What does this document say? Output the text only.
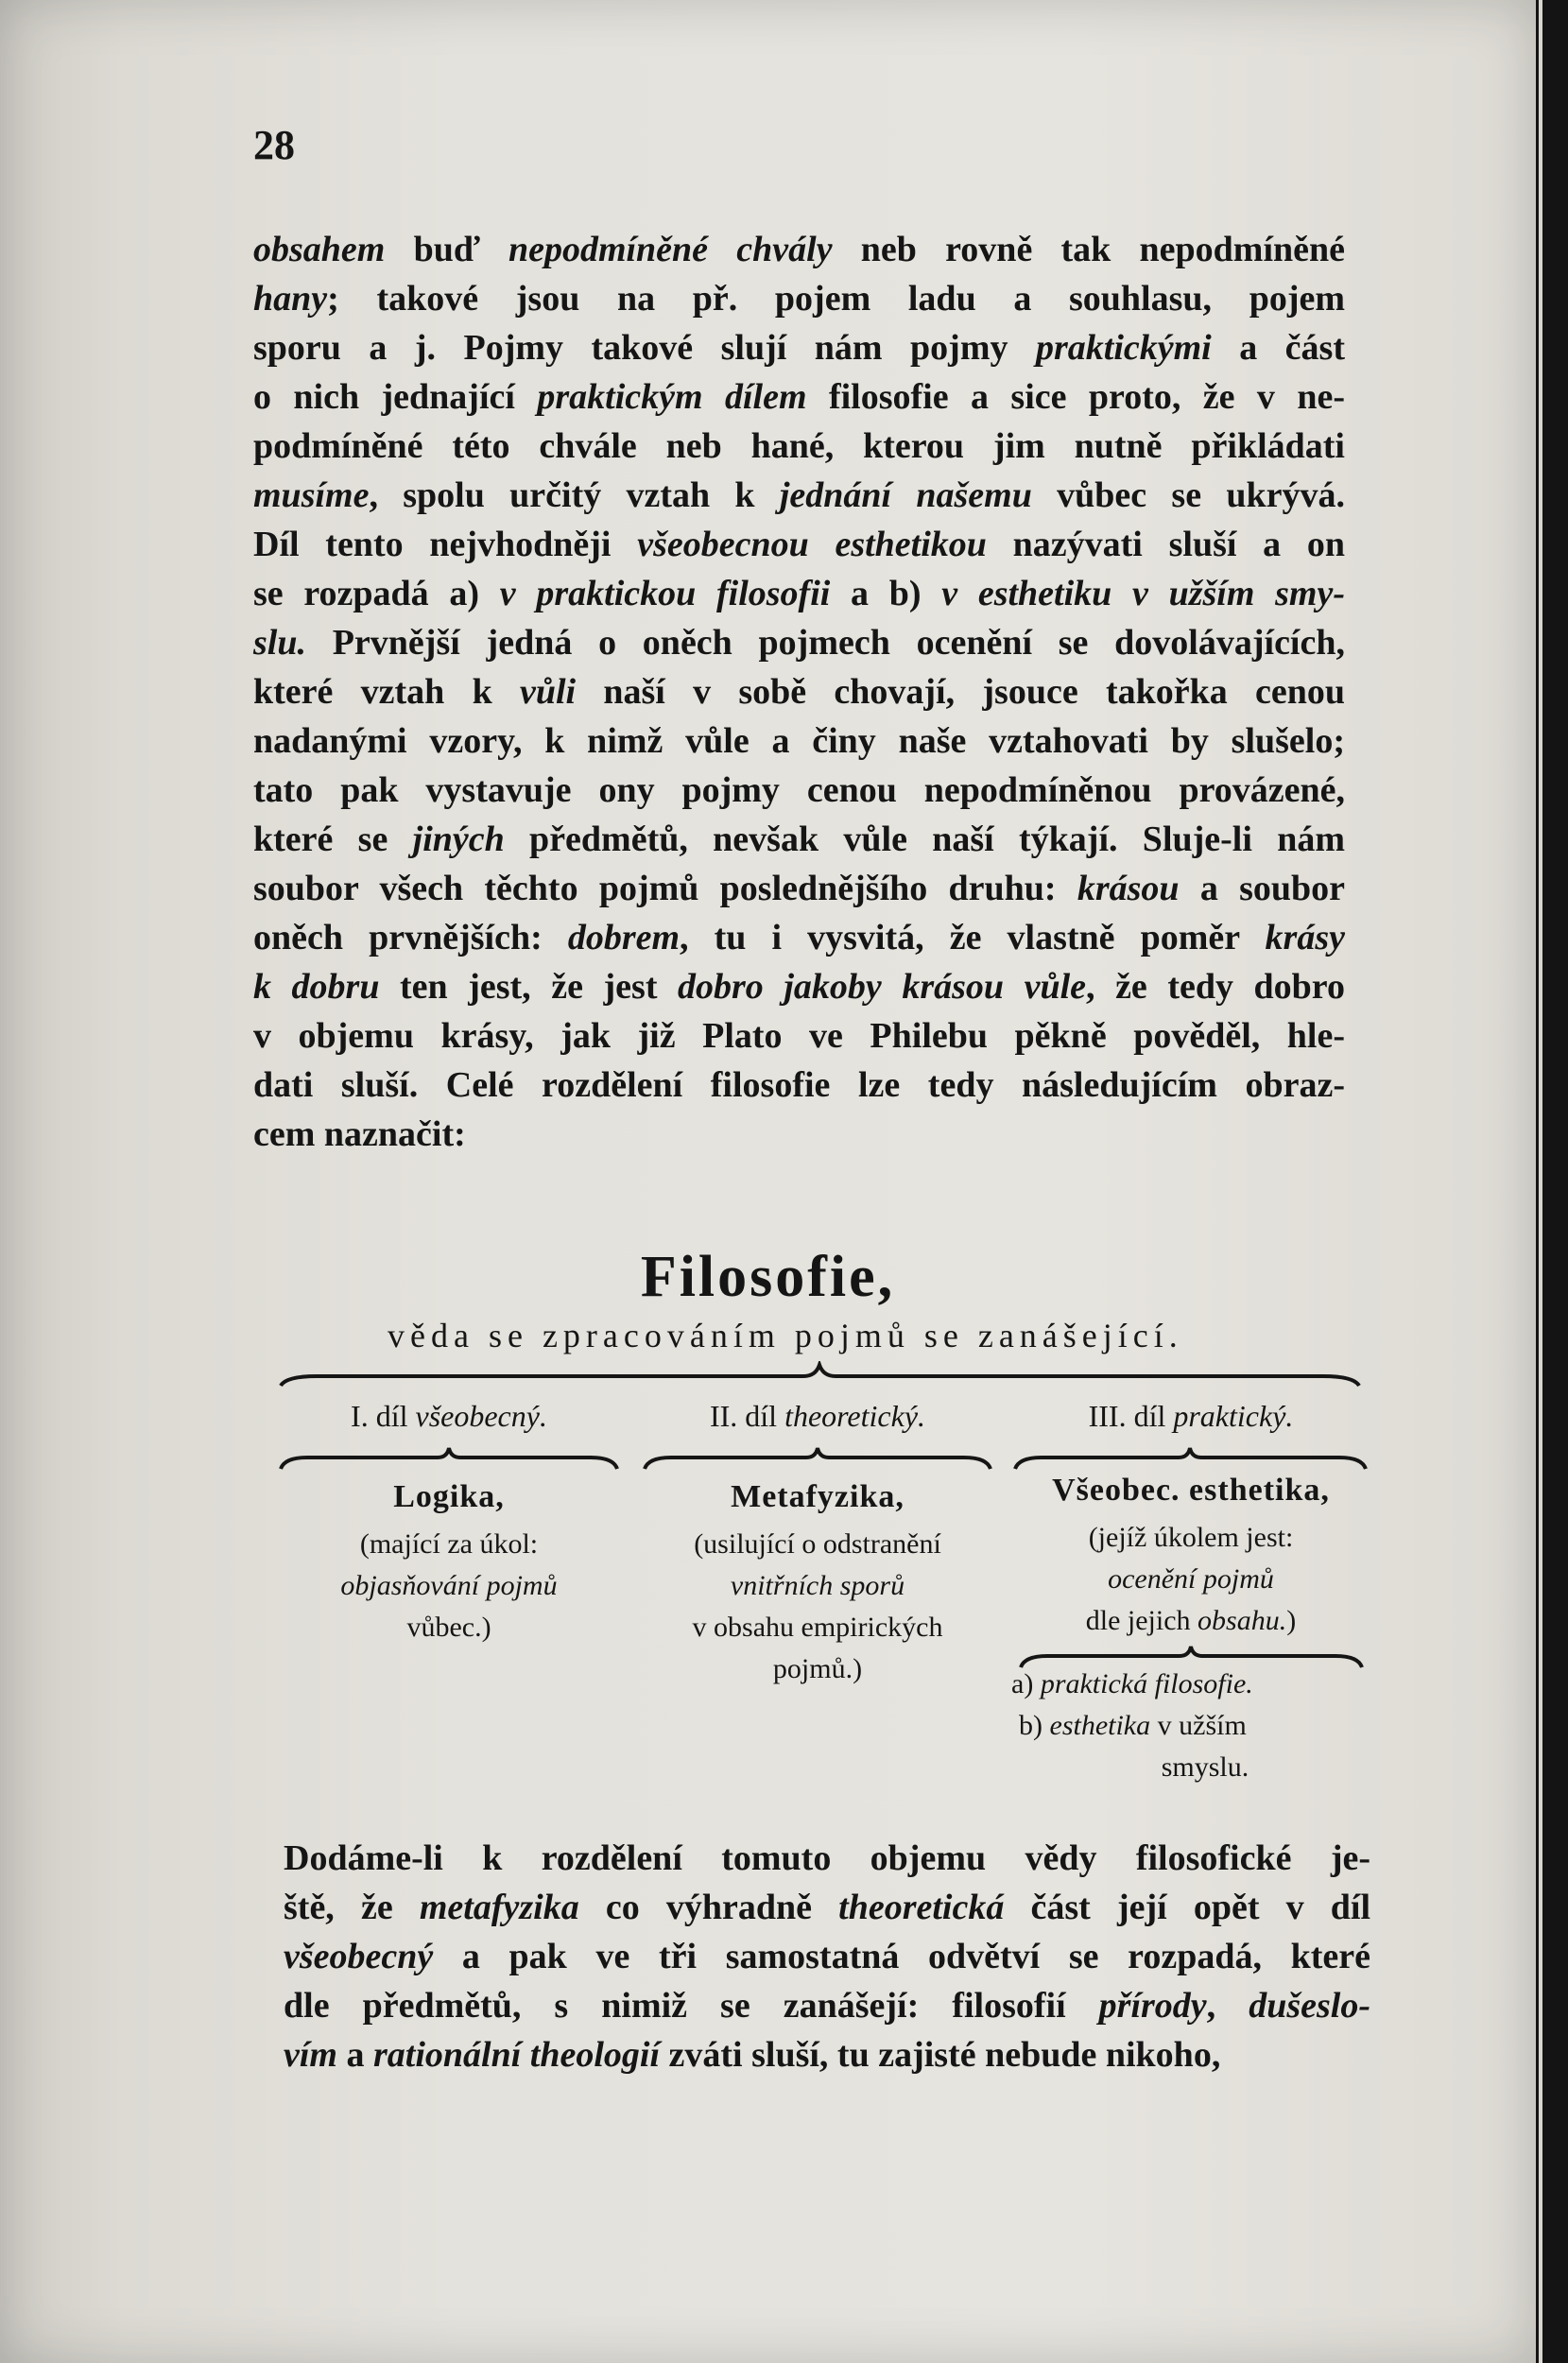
28
obsahem buď nepodmíněné chvály neb rovně tak nepodmíněné
hany; takové jsou na př. pojem ladu a souhlasu, pojem
sporu a j. Pojmy takové slují nám pojmy praktickými a část
o nich jednající praktickým dílem filosofie a sice proto, že v ne-
podmíněné této chvále neb hané, kterou jim nutně přikládati
musíme, spolu určitý vztah k jednání našemu vůbec se ukrývá.
Díl tento nejvhodněji všeobecnou esthetikou nazývati sluší a on
se rozpadá a) v praktickou filosofii a b) v esthetiku v užším smy-
slu. Prvnější jedná o oněch pojmech ocenění se dovolávajících,
které vztah k vůli naší v sobě chovají, jsouce takořka cenou
nadanými vzory, k nimž vůle a činy naše vztahovati by slušelo;
tato pak vystavuje ony pojmy cenou nepodmíněnou provázené,
které se jiných předmětů, nevšak vůle naší týkají. Sluje-li nám
soubor všech těchto pojmů poslednějšího druhu: krásou a soubor
oněch prvnějších: dobrem, tu i vysvitá, že vlastně poměr krásy
k dobru ten jest, že jest dobro jakoby krásou vůle, že tedy dobro
v objemu krásy, jak již Plato ve Philebu pěkně pověděl, hle-
dati sluší. Celé rozdělení filosofie lze tedy následujícím obraz-
cem naznačit:
Filosofie,
věda se zpracováním pojmů se zanášející.
I. díl všeobecný.	II. díl theoretický.	III. díl praktický.
Logika,
(mající za úkol:
objasňování pojmů
vůbec.)
Metafyzika,
(usilující o odstranění
vnitřních sporů
v obsahu empirických
pojmů.)
Všeobec. esthetika,
(jejíž úkolem jest:
ocenění pojmů
dle jejich obsahu.)
a) praktická filosofie.
b) esthetika v užším
smyslu.
Dodáme-li k rozdělení tomuto objemu vědy filosofické je-
ště, že metafyzika co výhradně theoretická část její opět v díl
všeobecný a pak ve tři samostatná odvětví se rozpadá, které
dle předmětů, s nimiž se zanášejí: filosofií přírody, dušeslo-
vím a rationální theologií zváti sluší, tu zajisté nebude nikoho,
